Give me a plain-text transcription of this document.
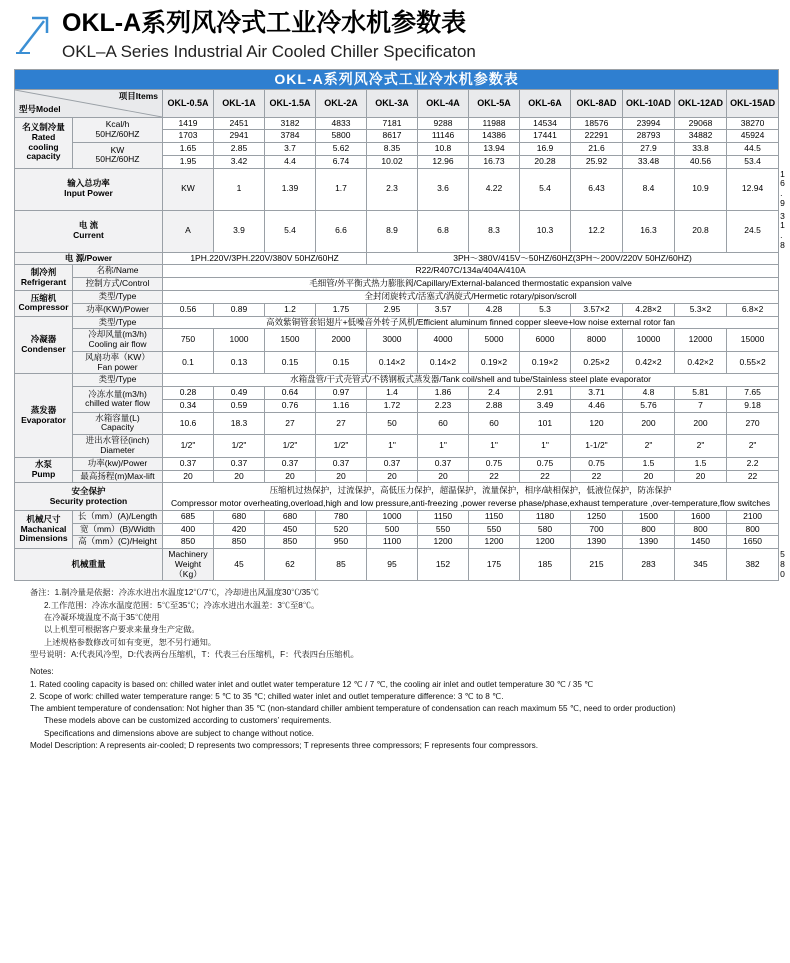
OKL-A系列风冷式工业冷水机参数表
OKL–A Series Industrial Air Cooled Chiller Specificaton
OKL-A系列风冷式工业冷水机参数表														

型号Model
项目Items		OKL-0.5A	OKL-1A	OKL-1.5A	OKL-2A	OKL-3A	OKL-4A	OKL-5A	OKL-6A	OKL-8AD	OKL-10AD	OKL-12AD	OKL-15AD	
名义制冷量
Rated
cooling
capacity	Kcal/h
50HZ/60HZ	1419	2451	3182	4833	7181	9288	11988	14534	18576	23994	29068	38270	
		1703	2941	3784	5800	8617	11146	14386	17441	22291	28793	34882	45924	
	KW
50HZ/60HZ	1.65	2.85	3.7	5.62	8.35	10.8	13.94	16.9	21.6	27.9	33.8	44.5	
		1.95	3.42	4.4	6.74	10.02	12.96	16.73	20.28	25.92	33.48	40.56	53.4	
输入总功率
Input Power		KW	1	1.39	1.7	2.3	3.6	4.22	5.4	6.43	8.4	10.9	12.94	16.9
电 流
Current		A	3.9	5.4	6.6	8.9	6.8	8.3	10.3	12.2	16.3	20.8	24.5	31.8
电 源/Power		1PH.220V/3PH.220V/380V 50HZ/60HZ				3PH～380V/415V～50HZ/60HZ(3PH～200V/220V 50HZ/60HZ)								
制冷剂
Refrigerant	名称/Name	R22/R407C/134a/404A/410A												
	控制方式/Control	毛细管/外平衡式热力膨胀阀/Capillary/External-balanced thermostatic expansion valve												
压缩机
Compressor	类型/Type	全封闭旋转式/活塞式/涡旋式/Hermetic rotary/pison/scroll												
	功率(KW)/Power	0.56	0.89	1.2	1.75	2.95	3.57	4.28	5.3	3.57×2	4.28×2	5.3×2	6.8×2	
冷凝器
Condenser	类型/Type	高效紫铜管套铝翅片+低噪音外转子风机/Efficient aluminum finned copper sleeve+low noise external rotor fan												
	冷却风量(m3/h)
Cooling air flow	750	1000	1500	2000	3000	4000	5000	6000	8000	10000	12000	15000	
	风扇功率（KW）
Fan power	0.1	0.13	0.15	0.15	0.14×2	0.14×2	0.19×2	0.19×2	0.25×2	0.42×2	0.42×2	0.55×2	
蒸发器
Evaporator	类型/Type	水箱盘管/干式壳管式/不锈钢板式蒸发器/Tank coil/shell and tube/Stainless steel plate evaporator												
	冷冻水量(m3/h)
chilled water flow	0.28	0.49	0.64	0.97	1.4	1.86	2.4	2.91	3.71	4.8	5.81	7.65	
		0.34	0.59	0.76	1.16	1.72	2.23	2.88	3.49	4.46	5.76	7	9.18	
	水箱容量(L)
Capacity	10.6	18.3	27	27	50	60	60	101	120	200	200	270	
	进出水管径(inch)
Diameter	1/2"	1/2"	1/2"	1/2"	1"	1"	1"	1"	1-1/2"	2"	2"	2"	
水泵
Pump	功率(kw)/Power	0.37	0.37	0.37	0.37	0.37	0.37	0.75	0.75	0.75	1.5	1.5	2.2	
	最高扬程(m)Max-lift	20	20	20	20	20	20	22	22	22	20	20	22	
安全保护
Security protection		压缩机过热保护，过流保护，高低压力保护，超温保护，流量保护，相序/缺相保护，低液位保护，防冻保护
Compressor motor overheating,overload,high and low pressure,anti-freezing ,power reverse phase/phase,exhaust temperature ,over-temperature,flow switches												
机械尺寸
Machanical
Dimensions	长（mm）(A)/Length	685	680	680	780	1000	1150	1150	1180	1250	1500	1600	2100	
	宽（mm）(B)/Width	400	420	450	520	500	550	550	580	700	800	800	800	
	高（mm）(C)/Height	850	850	850	950	1100	1200	1200	1200	1390	1390	1450	1650	
机械重量		Machinery Weight
（Kg）	45	62	85	95	152	175	185	215	283	345	382	580
备注：1.制冷量是依据：冷冻水进出水温度12℃/7℃，冷却进出风温度30℃/35℃
2.工作范围：冷冻水温度范围：5℃至35℃；冷冻水进出水温差：3℃至8℃。
在冷凝环境温度不高于35℃使用
以上机型可根据客户要求来量身生产定做。
上述规格参数修改可如有变更，恕不另行通知。
型号说明：A:代表风冷型，D:代表两台压缩机，T：代表三台压缩机，F：代表四台压缩机。
Notes:
1. Rated cooling capacity is based on: chilled water inlet and outlet water temperature 12 ℃ / 7 ℃, the cooling air inlet and outlet temperature 30 ℃ / 35 ℃
2. Scope of work: chilled water temperature range: 5 ℃ to 35 ℃; chilled water inlet and outlet temperature difference: 3 ℃ to 8 ℃.
The ambient temperature of condensation: Not higher than 35 ℃ (non-standard chiller ambient temperature of condensation can reach maximum 55 ℃, need to order production)
These models above can be customized according to customers’ requirements.
Specifications and dimensions above are subject to change without notice.
Model Description: A represents air-cooled; D represents two compressors; T represents three compressors; F represents four compressors.
